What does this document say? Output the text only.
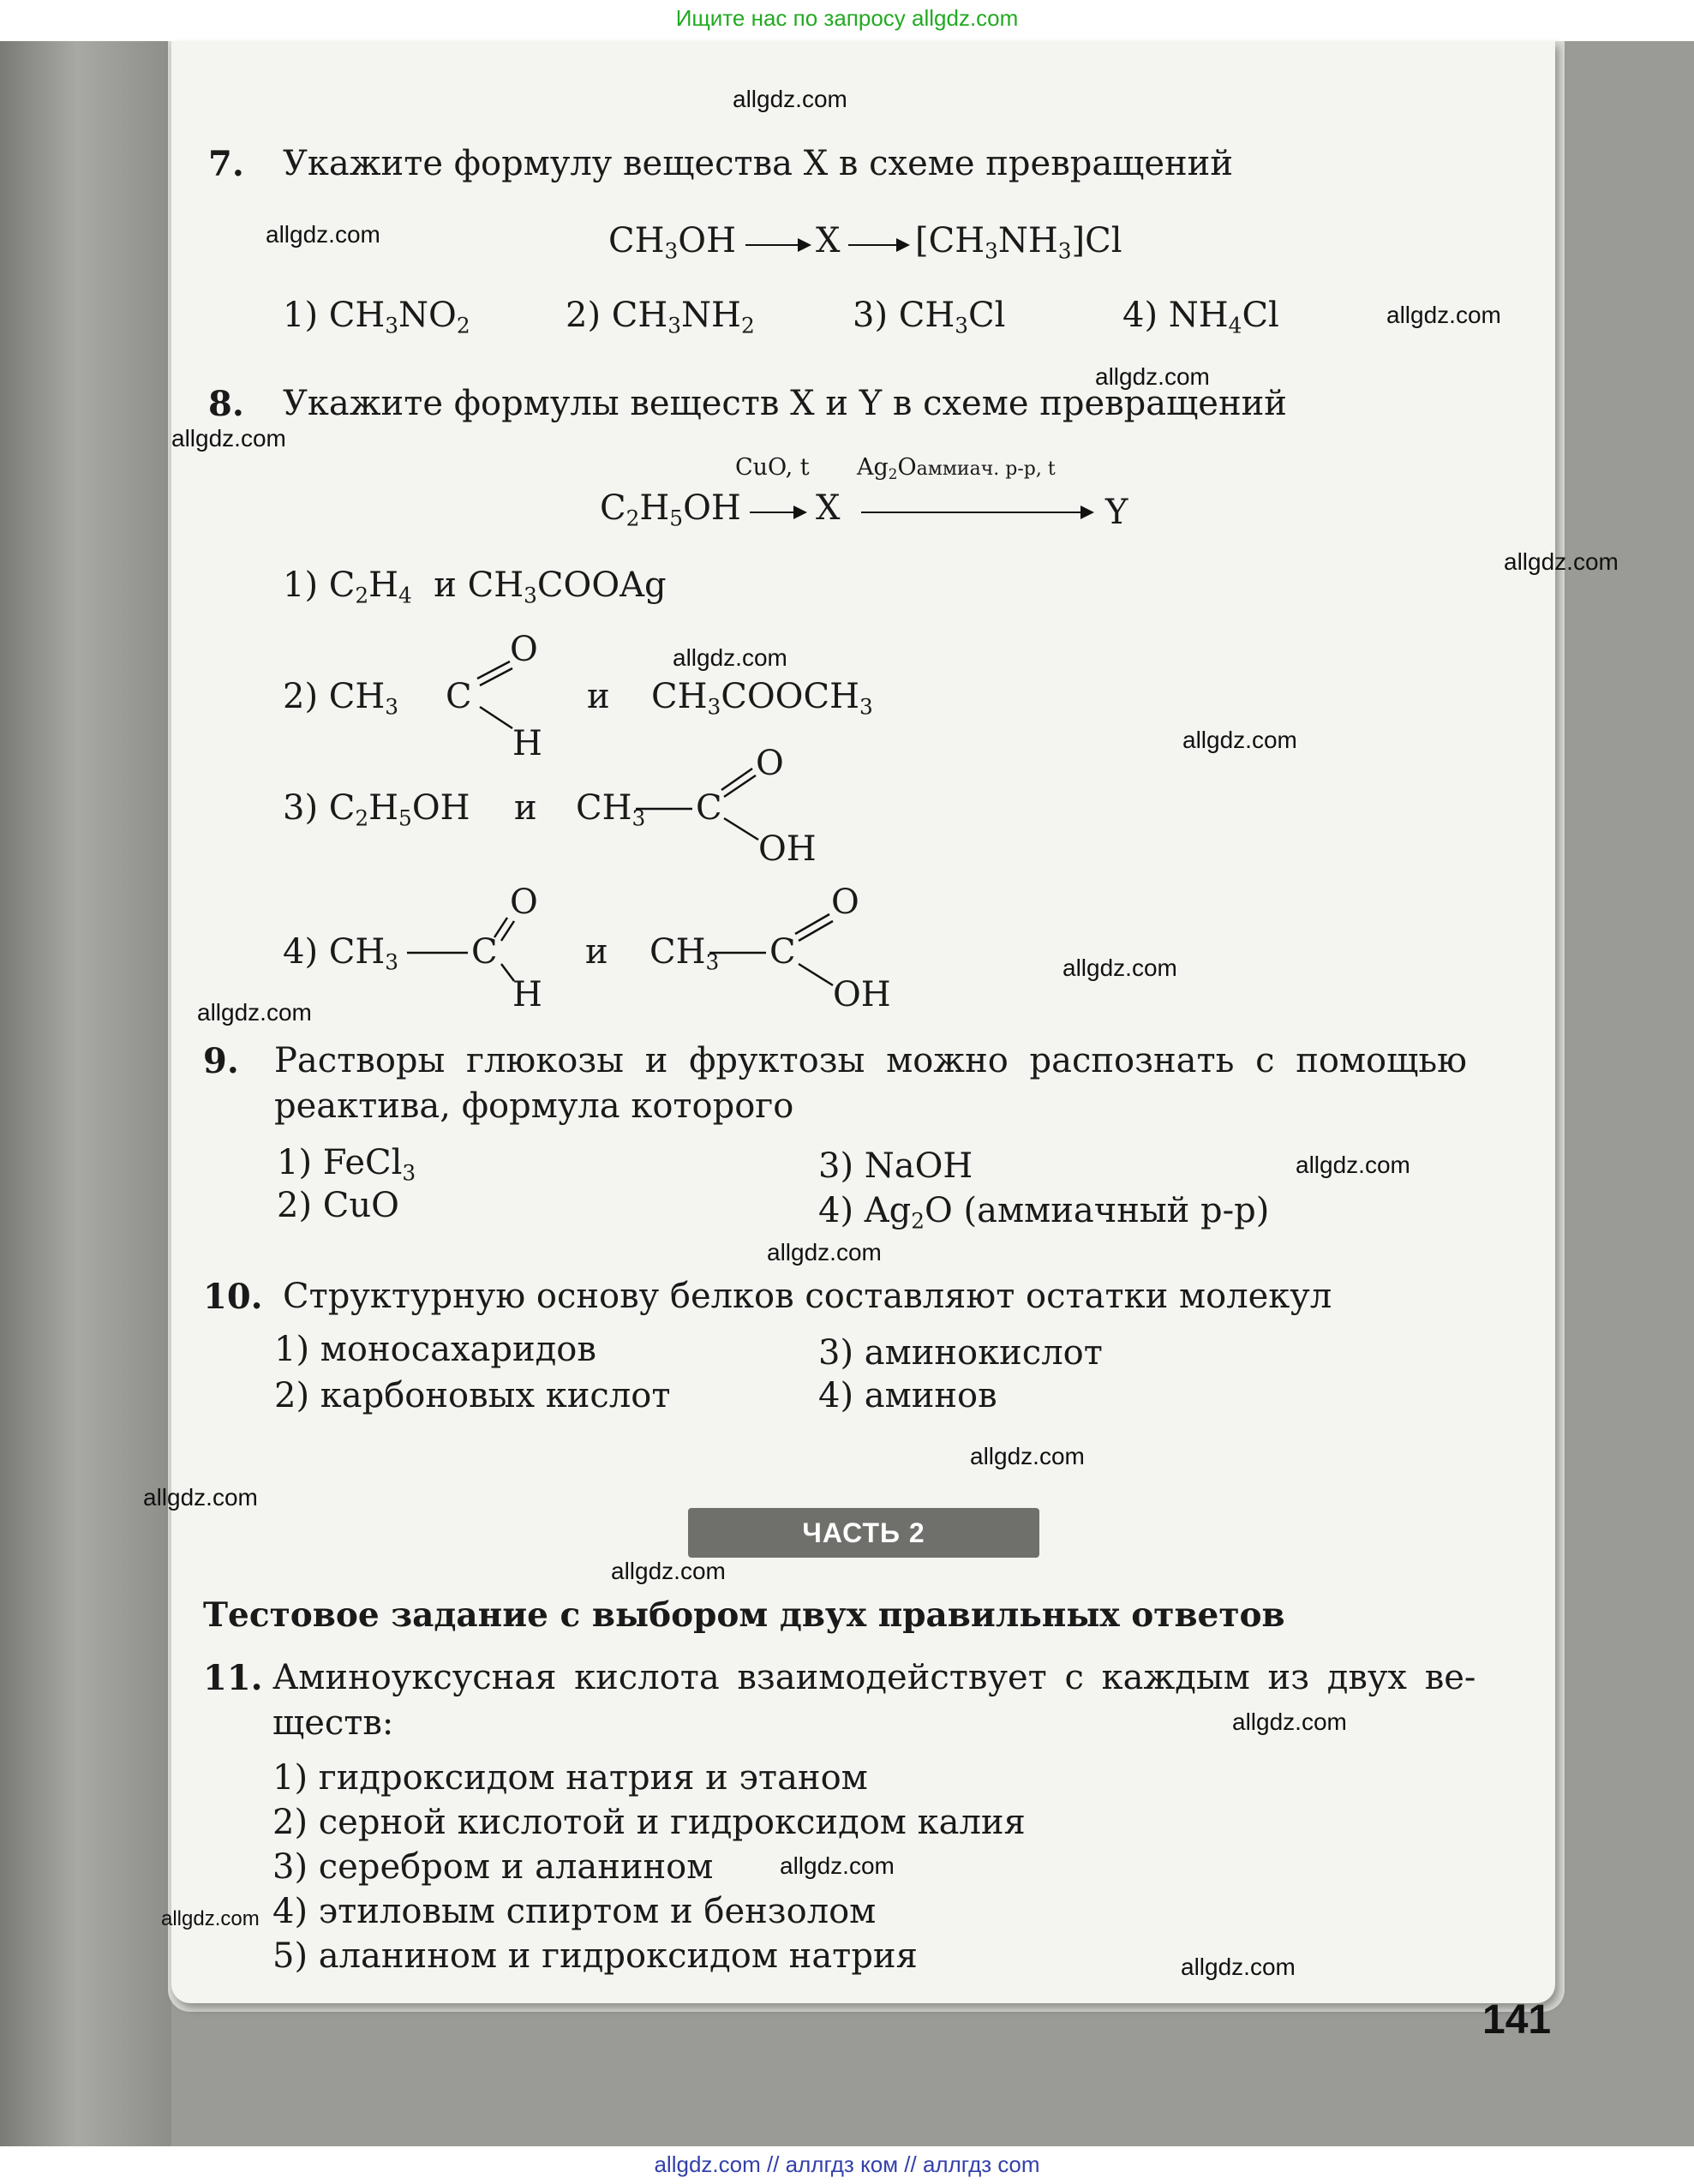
Ищите нас по запросу allgdz.com
7. Укажите формулу вещества X в схеме превращений
$CH_3OH$ X $[CH_3NH_3]Cl$
1) $CH_3NO_2$	2) $CH_3NH_2$	3) $CH_3Cl$	4) $NH_4Cl$
8. Укажите формулы веществ X и Y в схеме превращений
CuO, t $Ag_2Oаммиач$. р-р, t
$C_2H_5OH$ X	Y
1) $C_2H_4$ и $CH_3COOAg$
O
2) $CH_3$ C	и $CH_3COOCH_3$
H	O
3) $C_2H_5OH$ и $CH_3$ C
OH
O	O
4) $CH_3$ C	и $CH_3$ C
H	OH
9. Растворы глюкозы и фруктозы можно распознать с помощью
реактива, формула которого
1) FeCl$_3$
2) CuO
3) NaOH
4) $Ag_2O$ (аммиачный р-р)
10. Структурную основу белков составляют остатки молекул
1) моносахаридов
2) карбоновых кислот
3) аминокислот
4) аминов
ЧАСТЬ 2
Тестовое задание с выбором двух правильных ответов
11. Аминоуксусная кислота взаимодействует с каждым из двух ве-
ществ:
1) гидроксидом натрия и этаном
2) серной кислотой и гидроксидом калия
3) серебром и аланином
4) этиловым спиртом и бензолом
5) аланином и гидроксидом натрия
141
allgdz.com
allgdz.com
allgdz.com
allgdz.com
allgdz.com
allgdz.com
allgdz.com
allgdz.com
allgdz.com
allgdz.com
allgdz.com
allgdz.com
allgdz.com
allgdz.com
allgdz.com
allgdz.com
allgdz.com
allgdz.com
allgdz.com
allgdz.com // аллгдз ком // аллгдз com
